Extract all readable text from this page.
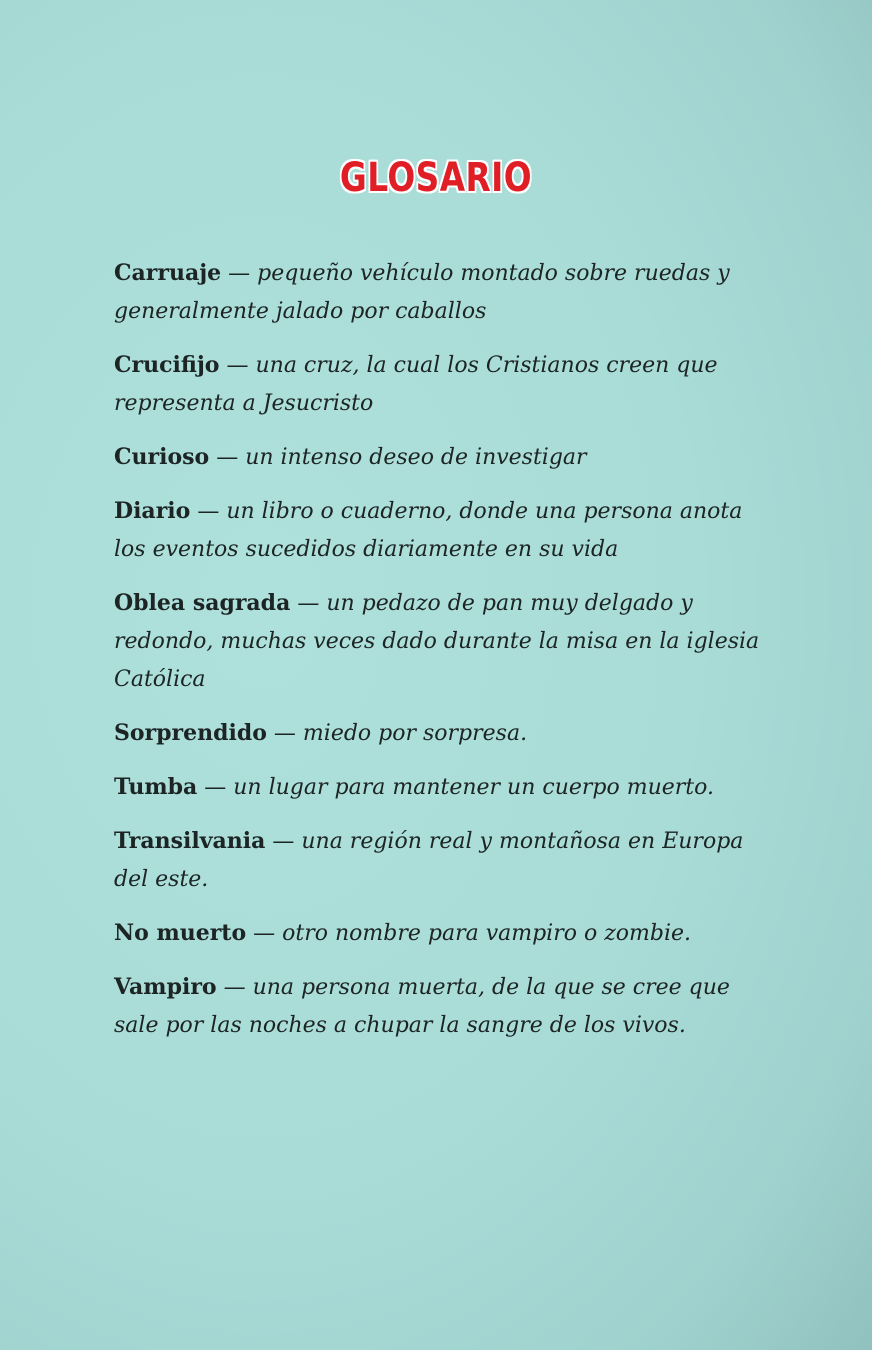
GLOSARIO

Carruaje — pequeño vehículo montado sobre ruedas y generalmente jalado por caballos

Crucifijo — una cruz, la cual los Cristianos creen que representa a Jesucristo

Curioso — un intenso deseo de investigar

Diario — un libro o cuaderno, donde una persona anota los eventos sucedidos diariamente en su vida

Oblea sagrada — un pedazo de pan muy delgado y redondo, muchas veces dado durante la misa en la iglesia Católica

Sorprendido — miedo por sorpresa.

Tumba — un lugar para mantener un cuerpo muerto.

Transilvania — una región real y montañosa en Europa del este.

No muerto — otro nombre para vampiro o zombie.

Vampiro — una persona muerta, de la que se cree que sale por las noches a chupar la sangre de los vivos.
